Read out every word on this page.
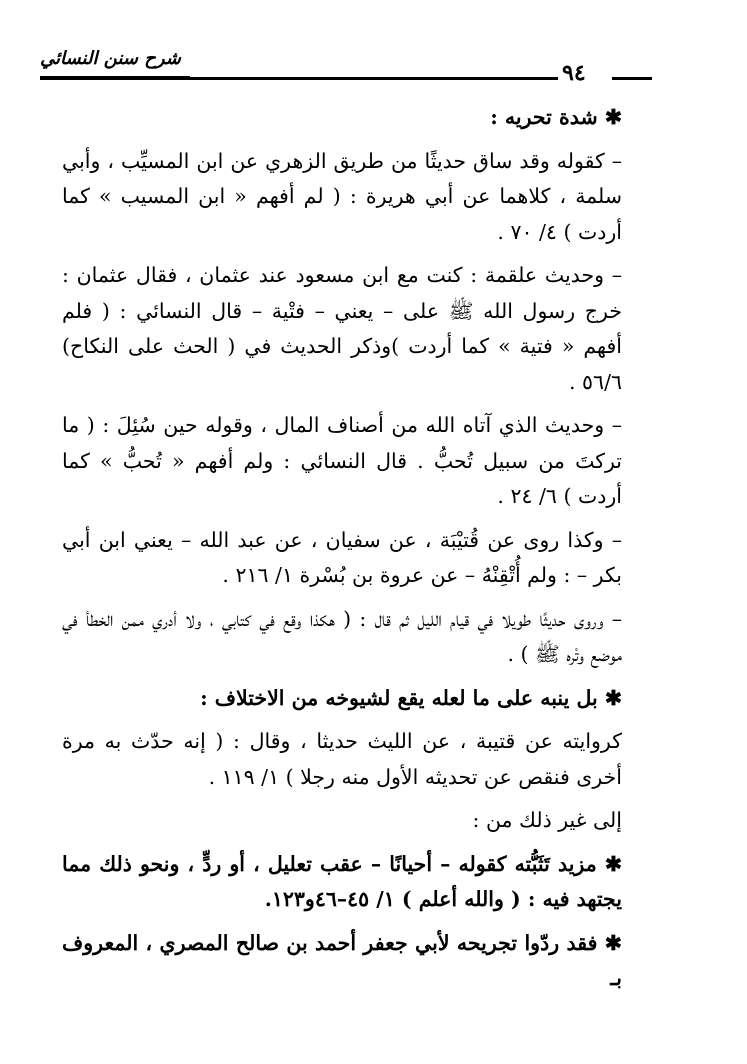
شرح سنن النسائي
٩٤

✱ شدة تحريه :

– كقوله وقد ساق حديثًا من طريق الزهري عن ابن المسيِّب ، وأبي سلمة ، كلاهما عن أبي هريرة : ( لم أفهم « ابن المسيب » كما أردت ) ٤/ ٧٠ .

– وحديث علقمة : كنت مع ابن مسعود عند عثمان ، فقال عثمان : خرج رسول الله ﷺ على – يعني – فتْية – قال النسائي : ( فلم أفهم « فتية » كما أردت )وذكر الحديث في ( الحث على النكاح) ٥٦/٦ .

– وحديث الذي آتاه الله من أصناف المال ، وقوله حين سُئِلَ : ( ما تركتَ من سبيل تُحبُّ . قال النسائي : ولم أفهم « تُحبُّ » كما أردت ) ٦/ ٢٤ .

– وكذا روى عن قُتيْبَة ، عن سفيان ، عن عبد الله – يعني ابن أبي بكر – : ولم أُتْقِنْهُ – عن عروة بن بُسْرة ١/ ٢١٦ .

– وروى حديثًا طويلا في قيام الليل ثم قال : ( هكذا وقع في كتابي ، ولا أدري ممن الخطأ في موضع وتْره ﷺ ) .

✱ بل ينبه على ما لعله يقع لشيوخه من الاختلاف :

كروايته عن قتيبة ، عن الليث حديثا ، وقال : ( إنه حدّث به مرة أخرى فنقص عن تحديثه الأول منه رجلا ) ١/ ١١٩ .

إلى غير ذلك من :

✱ مزيد تَثَبُّته كقوله – أحيانًا – عقب تعليل ، أو ردٍّ ، ونحو ذلك مما يجتهد فيه : ( والله أعلم ) ١/ ٤٥–٤٦و١٢٣.

✱ فقد ردّوا تجريحه لأبي جعفر أحمد بن صالح المصري ، المعروف بـ
